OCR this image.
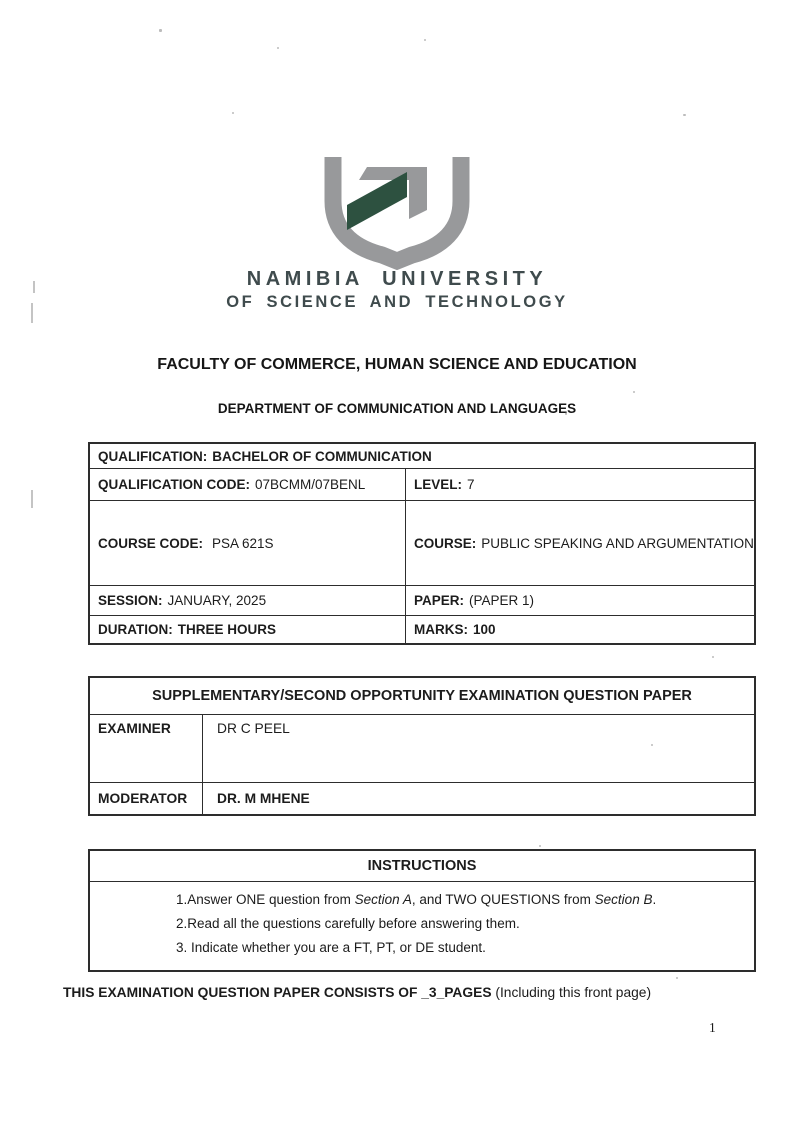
NAMIBIA UNIVERSITY
OF SCIENCE AND TECHNOLOGY
FACULTY OF COMMERCE, HUMAN SCIENCE AND EDUCATION
DEPARTMENT OF COMMUNICATION AND LANGUAGES
QUALIFICATION: BACHELOR OF COMMUNICATION
QUALIFICATION CODE: 07BCMM/07BENL	LEVEL: 7
COURSE CODE: PSA 621S	COURSE: PUBLIC SPEAKING AND ARGUMENTATION
SESSION: JANUARY, 2025	PAPER: (PAPER 1)
DURATION: THREE HOURS	MARKS: 100
SUPPLEMENTARY/SECOND OPPORTUNITY EXAMINATION QUESTION PAPER
EXAMINER	DR C PEEL
MODERATOR	DR. M MHENE
INSTRUCTIONS
1.Answer ONE question from Section A, and TWO QUESTIONS from Section B.
2.Read all the questions carefully before answering them.
3. Indicate whether you are a FT, PT, or DE student.
THIS EXAMINATION QUESTION PAPER CONSISTS OF _3_PAGES (Including this front page)
1
